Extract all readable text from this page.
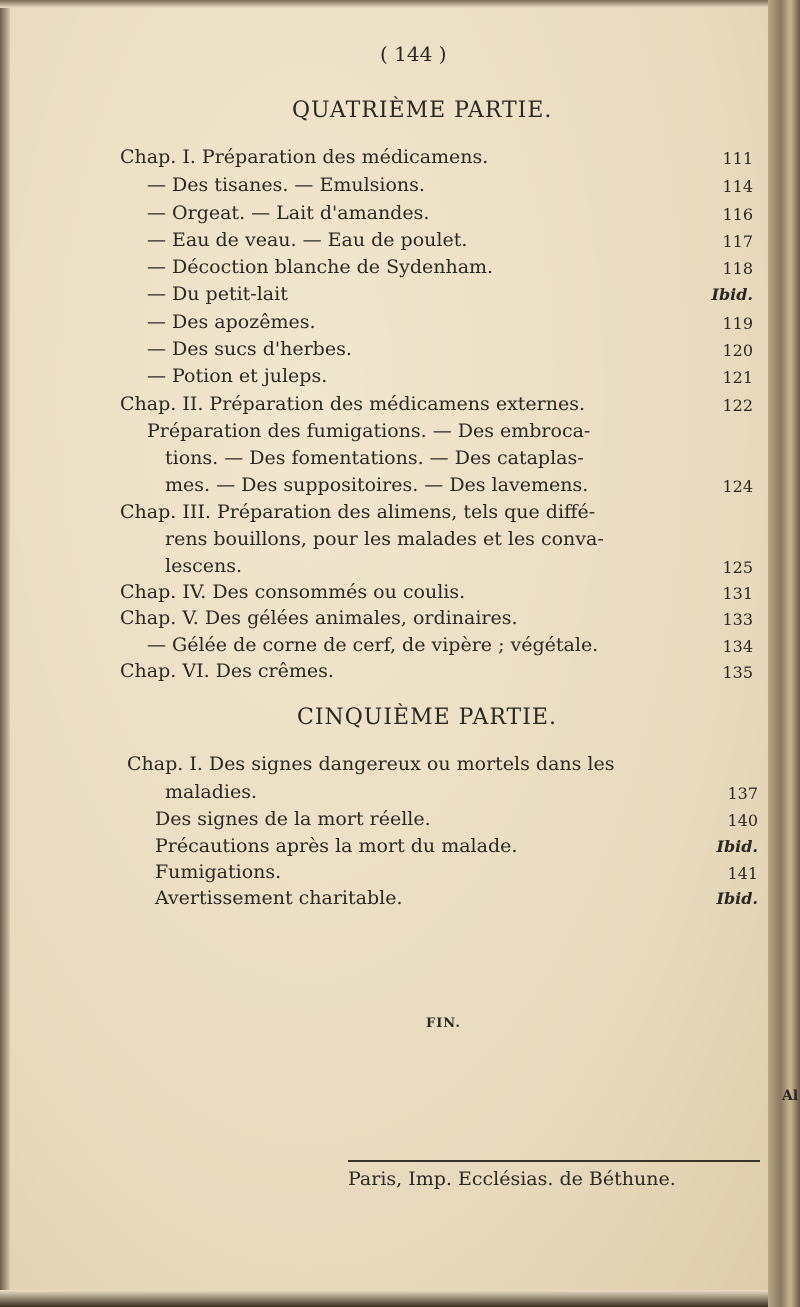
Al
( 144 )
QUATRIÈME PARTIE.
Chap. I. Préparation des médicamens.	111
— Des tisanes. — Emulsions.	114
— Orgeat. — Lait d'amandes.	116
— Eau de veau. — Eau de poulet.	117
— Décoction blanche de Sydenham.	118
— Du petit-lait	Ibid.
— Des apozêmes.	119
— Des sucs d'herbes.	120
— Potion et juleps.	121
Chap. II. Préparation des médicamens externes.	122
Préparation des fumigations. — Des embroca-
tions. — Des fomentations. — Des cataplas-
mes. — Des suppositoires. — Des lavemens.	124
Chap. III. Préparation des alimens, tels que diffé-
rens bouillons, pour les malades et les conva-
lescens.	125
Chap. IV. Des consommés ou coulis.	131
Chap. V. Des gélées animales, ordinaires.	133
— Gélée de corne de cerf, de vipère ; végétale.	134
Chap. VI. Des crêmes.	135
CINQUIÈME PARTIE.
Chap. I. Des signes dangereux ou mortels dans les
maladies.	137
Des signes de la mort réelle.	140
Précautions après la mort du malade.	Ibid.
Fumigations.	141
Avertissement charitable.	Ibid.
FIN.
Paris, Imp. Ecclésias. de Béthune.
